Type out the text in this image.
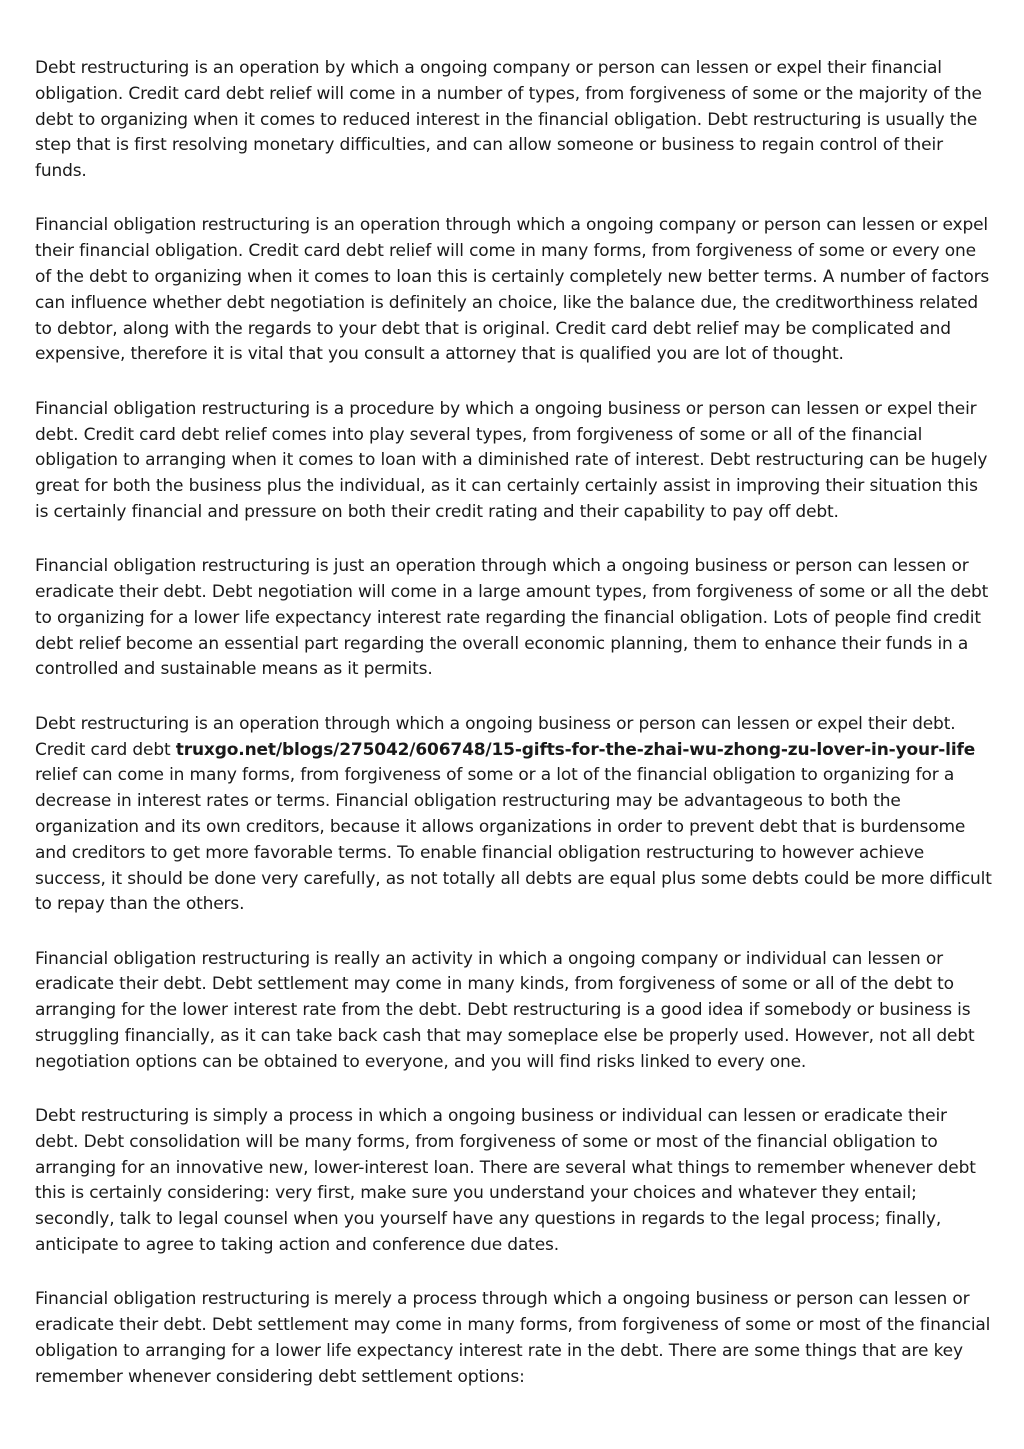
Debt restructuring is an operation by which a ongoing company or person can lessen or expel their financial obligation. Credit card debt relief will come in a number of types, from forgiveness of some or the majority of the debt to organizing when it comes to reduced interest in the financial obligation. Debt restructuring is usually the step that is first resolving monetary difficulties, and can allow someone or business to regain control of their funds.

Financial obligation restructuring is an operation through which a ongoing company or person can lessen or expel their financial obligation. Credit card debt relief will come in many forms, from forgiveness of some or every one of the debt to organizing when it comes to loan this is certainly completely new better terms. A number of factors can influence whether debt negotiation is definitely an choice, like the balance due, the creditworthiness related to debtor, along with the regards to your debt that is original. Credit card debt relief may be complicated and expensive, therefore it is vital that you consult a attorney that is qualified you are lot of thought.

Financial obligation restructuring is a procedure by which a ongoing business or person can lessen or expel their debt. Credit card debt relief comes into play several types, from forgiveness of some or all of the financial obligation to arranging when it comes to loan with a diminished rate of interest. Debt restructuring can be hugely great for both the business plus the individual, as it can certainly certainly assist in improving their situation this is certainly financial and pressure on both their credit rating and their capability to pay off debt.

Financial obligation restructuring is just an operation through which a ongoing business or person can lessen or eradicate their debt. Debt negotiation will come in a large amount types, from forgiveness of some or all the debt to organizing for a lower life expectancy interest rate regarding the financial obligation. Lots of people find credit debt relief become an essential part regarding the overall economic planning, them to enhance their funds in a controlled and sustainable means as it permits.

Debt restructuring is an operation through which a ongoing business or person can lessen or expel their debt. Credit card debt truxgo.net/blogs/275042/606748/15-gifts-for-the-zhai-wu-zhong-zu-lover-in-your-life relief can come in many forms, from forgiveness of some or a lot of the financial obligation to organizing for a decrease in interest rates or terms. Financial obligation restructuring may be advantageous to both the organization and its own creditors, because it allows organizations in order to prevent debt that is burdensome and creditors to get more favorable terms. To enable financial obligation restructuring to however achieve success, it should be done very carefully, as not totally all debts are equal plus some debts could be more difficult to repay than the others.

Financial obligation restructuring is really an activity in which a ongoing company or individual can lessen or eradicate their debt. Debt settlement may come in many kinds, from forgiveness of some or all of the debt to arranging for the lower interest rate from the debt. Debt restructuring is a good idea if somebody or business is struggling financially, as it can take back cash that may someplace else be properly used. However, not all debt negotiation options can be obtained to everyone, and you will find risks linked to every one.

Debt restructuring is simply a process in which a ongoing business or individual can lessen or eradicate their debt. Debt consolidation will be many forms, from forgiveness of some or most of the financial obligation to arranging for an innovative new, lower-interest loan. There are several what things to remember whenever debt this is certainly considering: very first, make sure you understand your choices and whatever they entail; secondly, talk to legal counsel when you yourself have any questions in regards to the legal process; finally, anticipate to agree to taking action and conference due dates.

Financial obligation restructuring is merely a process through which a ongoing business or person can lessen or eradicate their debt. Debt settlement may come in many forms, from forgiveness of some or most of the financial obligation to arranging for a lower life expectancy interest rate in the debt. There are some things that are key remember whenever considering debt settlement options:
